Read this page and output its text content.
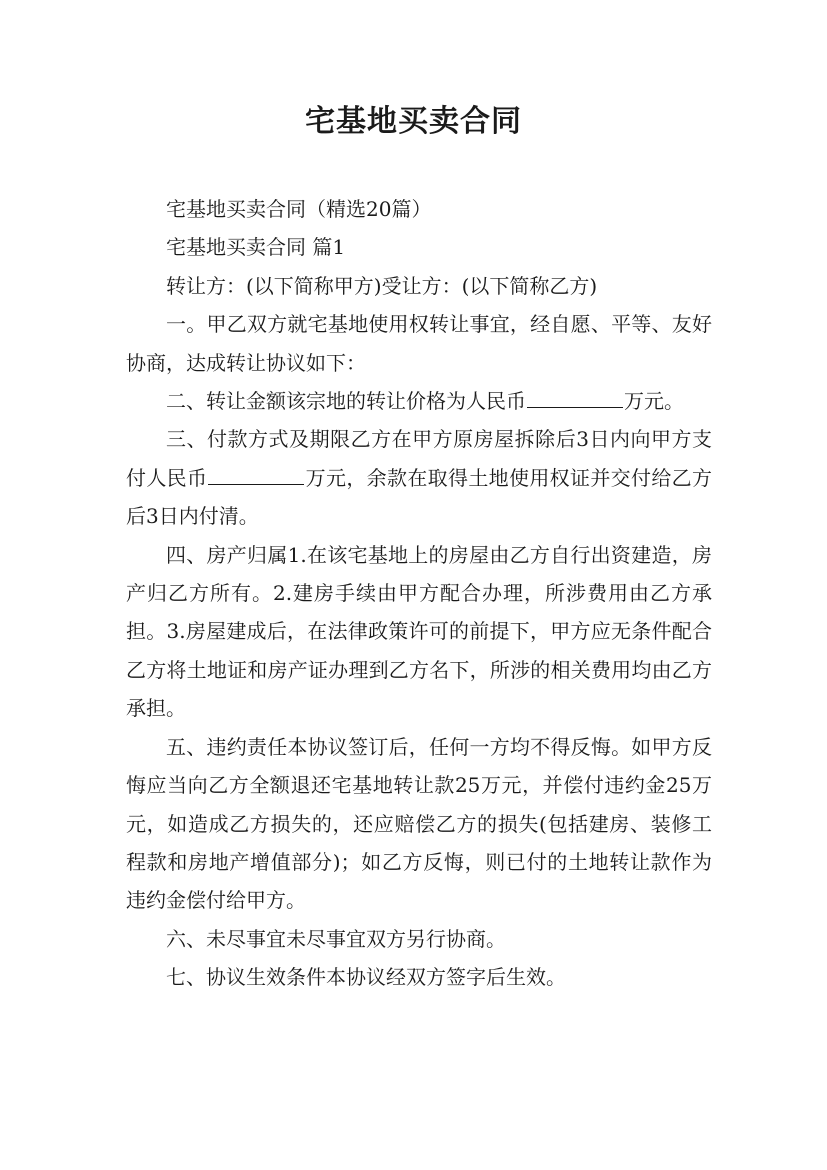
宅基地买卖合同

宅基地买卖合同（精选20篇）

宅基地买卖合同 篇1

转让方：(以下简称甲方)受让方：(以下简称乙方)

一。甲乙双方就宅基地使用权转让事宜，经自愿、平等、友好协商，达成转让协议如下：

二、转让金额该宗地的转让价格为人民币	万元。

三、付款方式及期限乙方在甲方原房屋拆除后3日内向甲方支付人民币	万元，余款在取得土地使用权证并交付给乙方后3日内付清。

四、房产归属1.在该宅基地上的房屋由乙方自行出资建造，房产归乙方所有。2.建房手续由甲方配合办理，所涉费用由乙方承担。3.房屋建成后，在法律政策许可的前提下，甲方应无条件配合乙方将土地证和房产证办理到乙方名下，所涉的相关费用均由乙方承担。

五、违约责任本协议签订后，任何一方均不得反悔。如甲方反悔应当向乙方全额退还宅基地转让款25万元，并偿付违约金25万元，如造成乙方损失的，还应赔偿乙方的损失(包括建房、装修工程款和房地产增值部分)；如乙方反悔，则已付的土地转让款作为违约金偿付给甲方。

六、未尽事宜未尽事宜双方另行协商。

七、协议生效条件本协议经双方签字后生效。
